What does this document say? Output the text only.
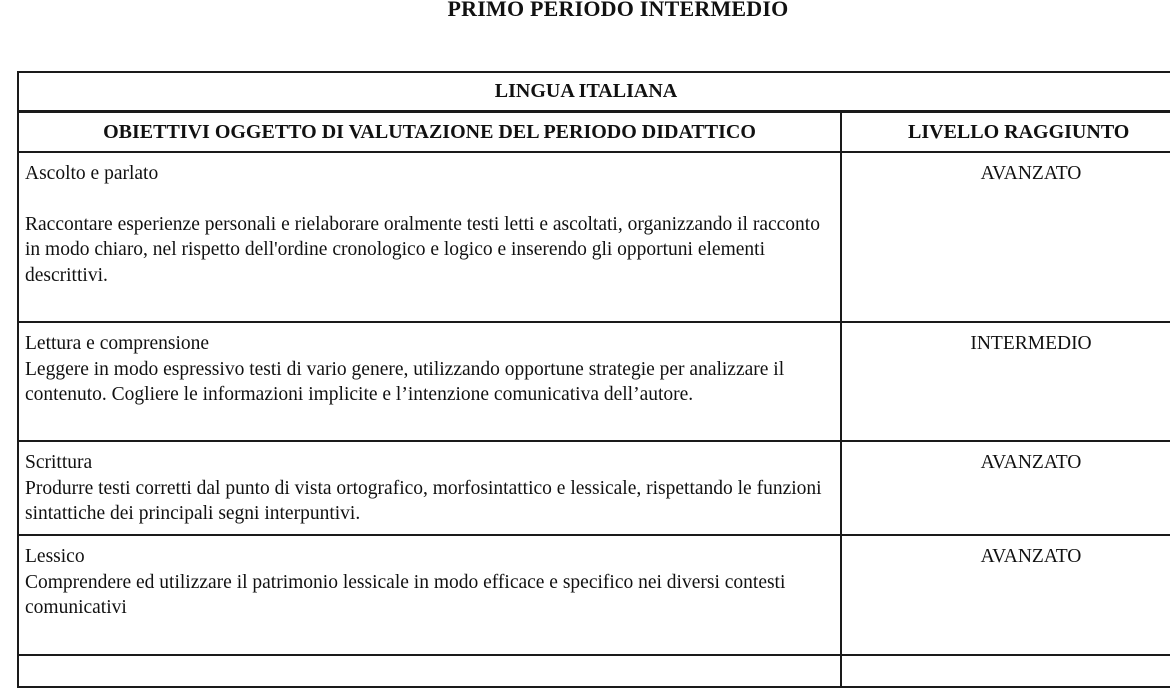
PRIMO PERIODO INTERMEDIO
LINGUA ITALIANA	
OBIETTIVI OGGETTO DI VALUTAZIONE DEL PERIODO DIDATTICO	LIVELLO RAGGIUNTO

Ascolto e parlato
Raccontare esperienze personali e rielaborare oralmente testi letti e ascoltati, organizzando il racconto in modo chiaro, nel rispetto dell'ordine cronologico e logico e inserendo gli opportuni elementi descrittivi.	AVANZATO

Lettura e comprensione
Leggere in modo espressivo testi di vario genere, utilizzando opportune strategie per analizzare il contenuto. Cogliere le informazioni implicite e l’intenzione comunicativa dell’autore.	INTERMEDIO

Scrittura
Produrre testi corretti dal punto di vista ortografico, morfosintattico e lessicale, rispettando le funzioni sintattiche dei principali segni interpuntivi.	AVANZATO

Lessico
Comprendere ed utilizzare il patrimonio lessicale in modo efficace e specifico nei diversi contesti comunicativi	AVANZATO
